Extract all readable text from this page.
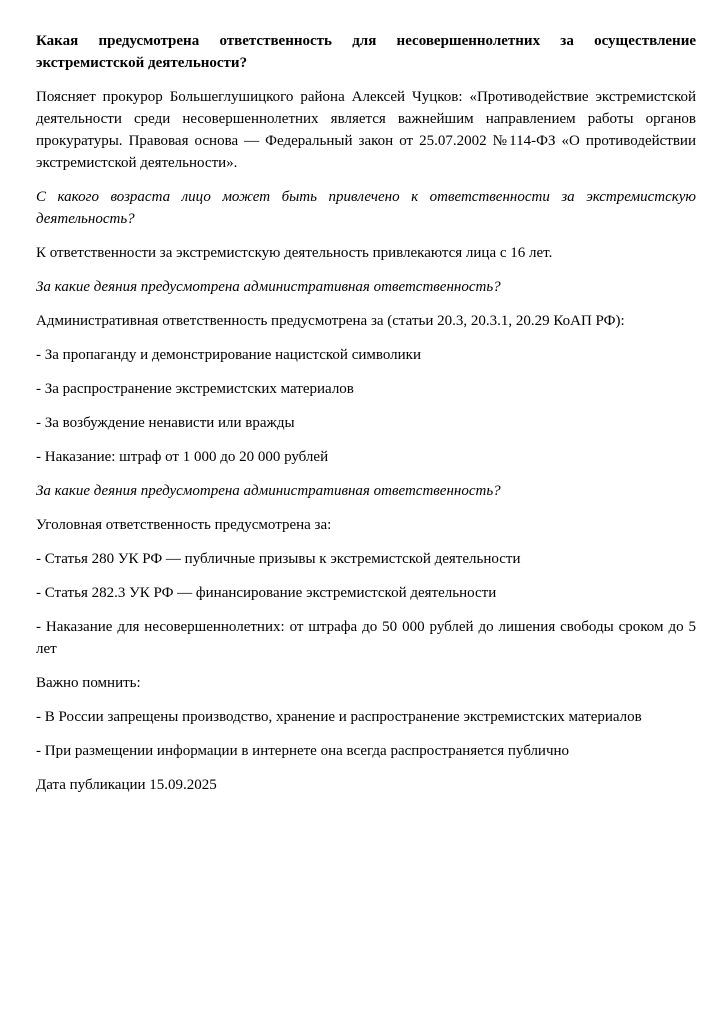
Какая предусмотрена ответственность для несовершеннолетних за осуществление экстремистской деятельности?

Поясняет прокурор Большеглушицкого района Алексей Чуцков: «Противодействие экстремистской деятельности среди несовершеннолетних является важнейшим направлением работы органов прокуратуры. Правовая основа — Федеральный закон от 25.07.2002 №114-ФЗ «О противодействии экстремистской деятельности».

С какого возраста лицо может быть привлечено к ответственности за экстремистскую деятельность?

К ответственности за экстремистскую деятельность привлекаются лица с 16 лет.

За какие деяния предусмотрена административная ответственность?

Административная ответственность предусмотрена за (статьи 20.3, 20.3.1, 20.29 КоАП РФ):

- За пропаганду и демонстрирование нацистской символики

- За распространение экстремистских материалов

- За возбуждение ненависти или вражды

- Наказание: штраф от 1 000 до 20 000 рублей

За какие деяния предусмотрена административная ответственность?

Уголовная ответственность предусмотрена за:

- Статья 280 УК РФ — публичные призывы к экстремистской деятельности

- Статья 282.3 УК РФ — финансирование экстремистской деятельности

- Наказание для несовершеннолетних: от штрафа до 50 000 рублей до лишения свободы сроком до 5 лет

Важно помнить:

- В России запрещены производство, хранение и распространение экстремистских материалов

- При размещении информации в интернете она всегда распространяется публично

Дата публикации 15.09.2025
